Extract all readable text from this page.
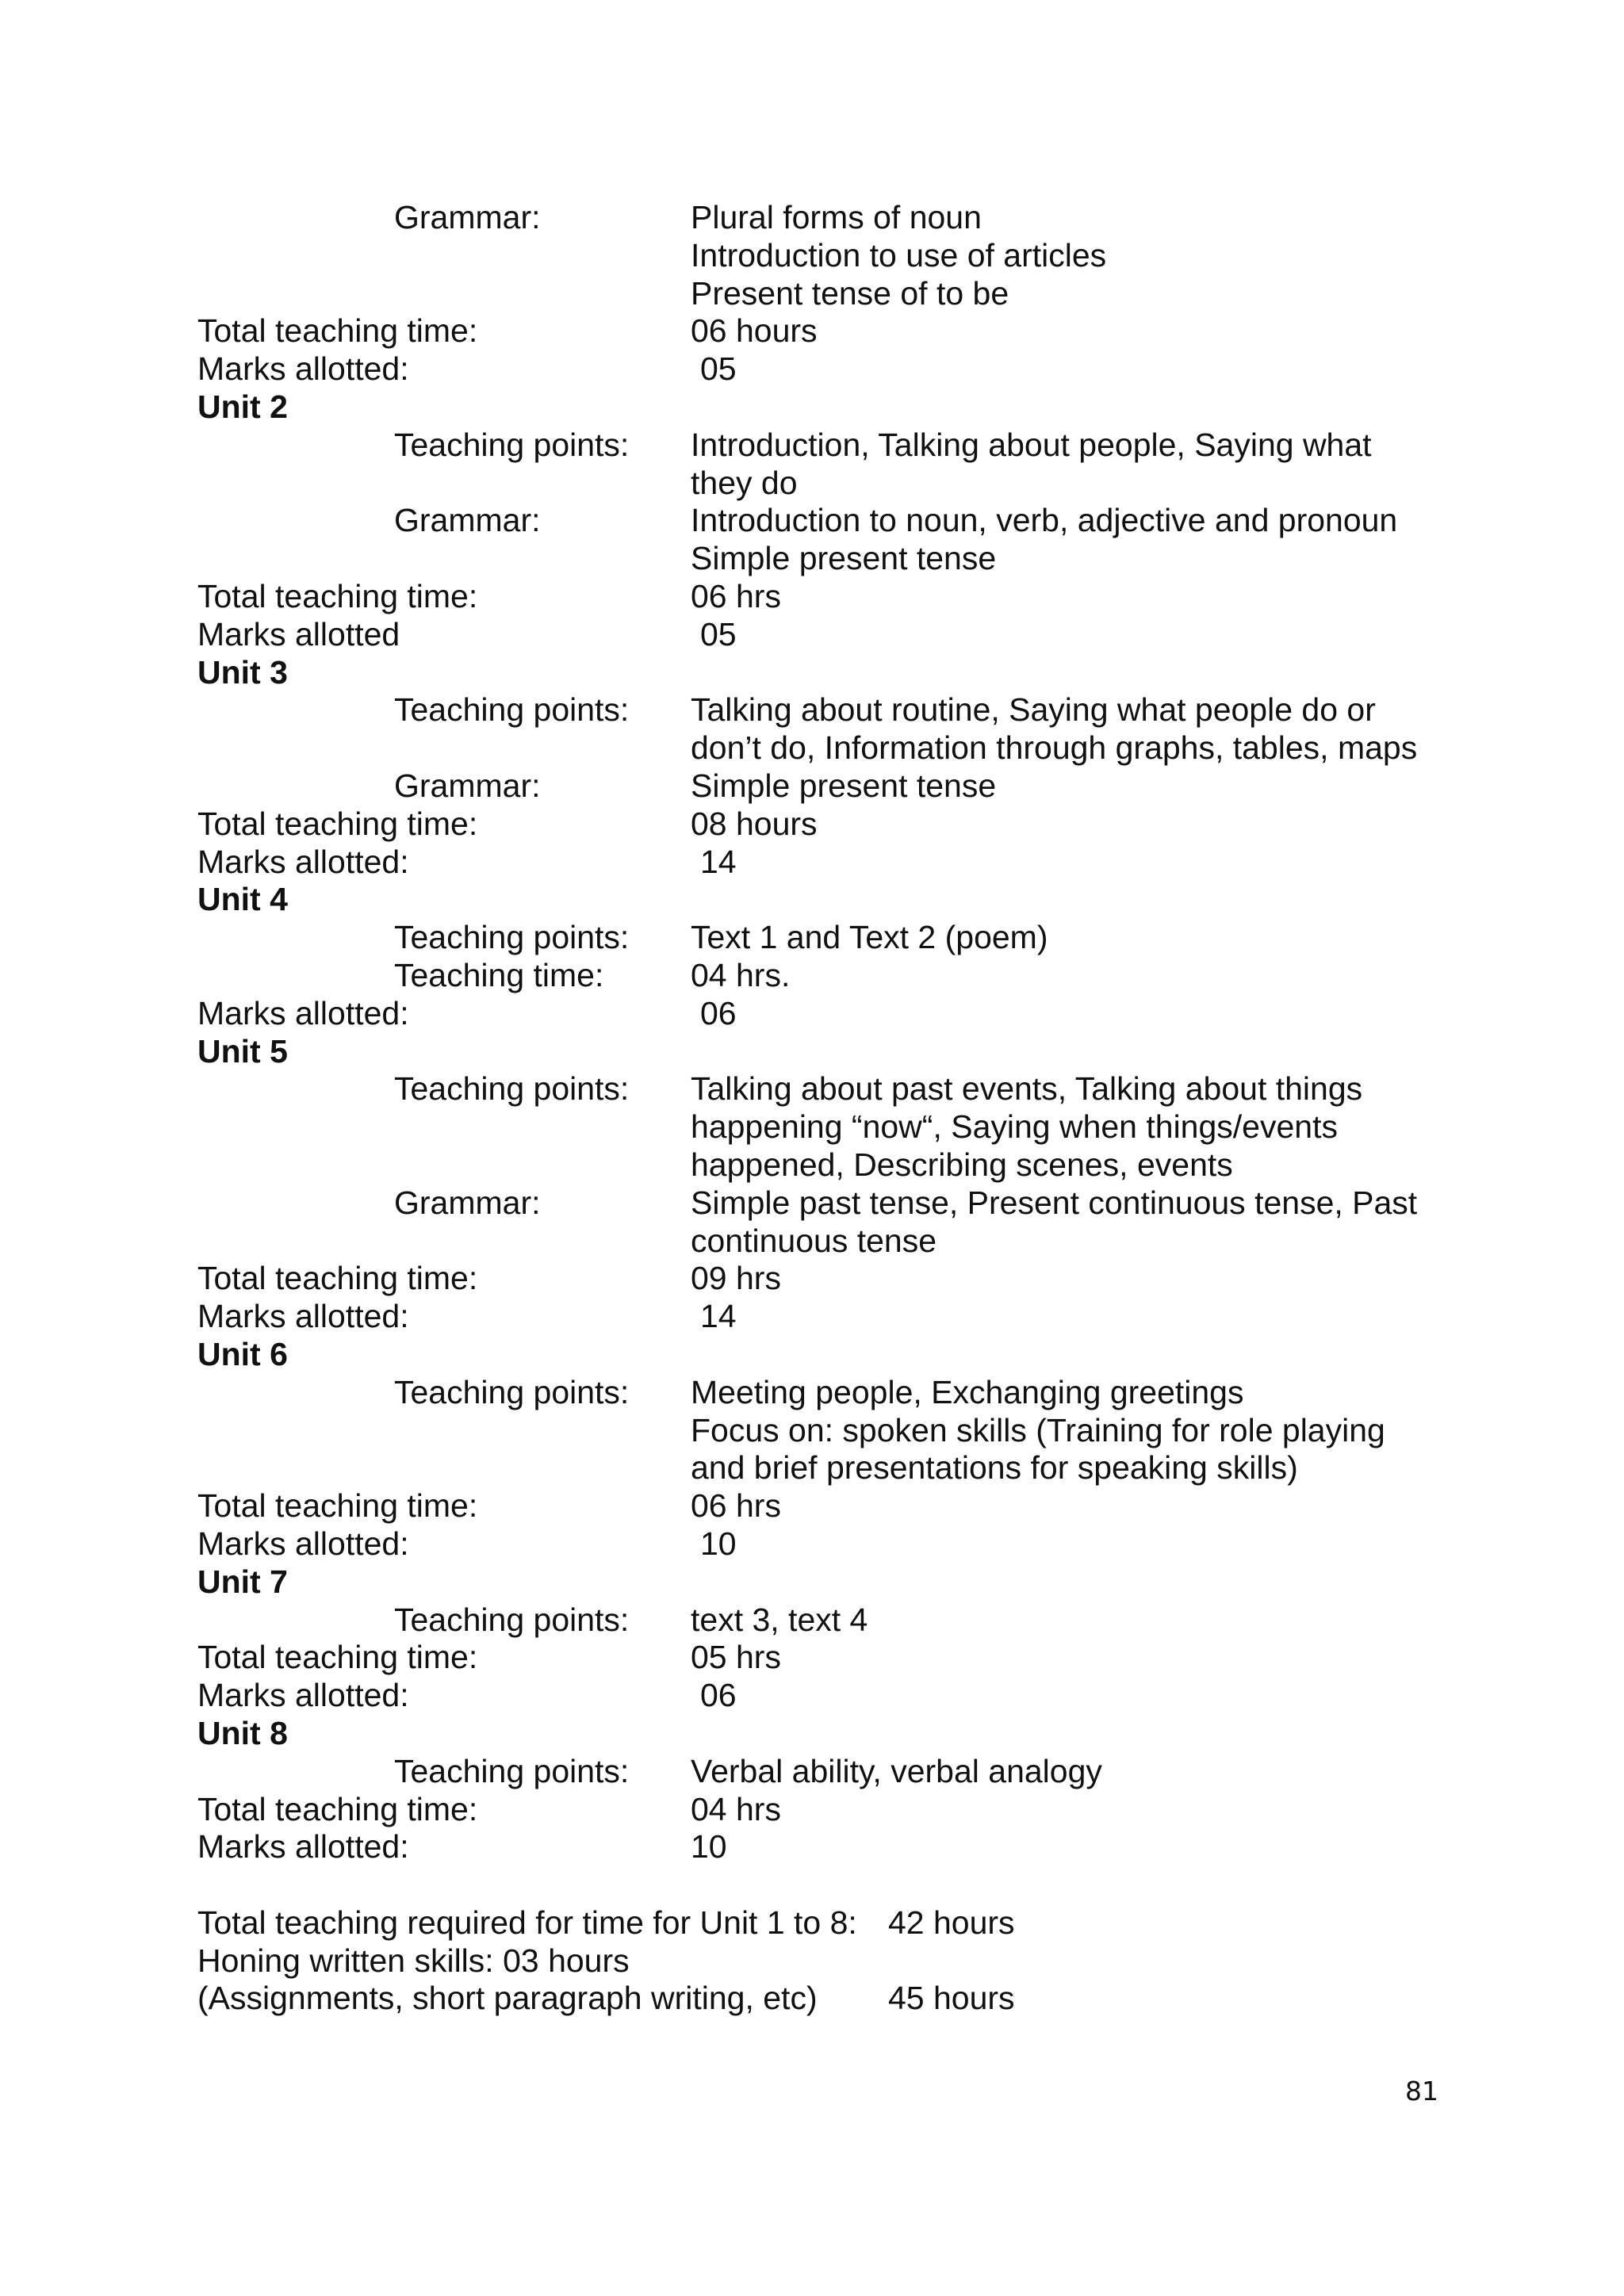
Grammar:	Plural forms of noun
Introduction to use of articles
Present tense of to be
Total teaching time:	06 hours
Marks allotted:	05
Unit 2
Teaching points: Introduction, Talking about people, Saying what
they do
Grammar:	Introduction to noun, verb, adjective and pronoun
Simple present tense
Total teaching time:	06 hrs
Marks allotted	05
Unit 3
Teaching points: Talking about routine, Saying what people do or
don’t do, Information through graphs, tables, maps
Grammar:	Simple present tense
Total teaching time:	08 hours
Marks allotted:	14
Unit 4
Teaching points: Text 1 and Text 2 (poem)
Teaching time:	04 hrs.
Marks allotted:	06
Unit 5
Teaching points: Talking about past events, Talking about things
happening “now“, Saying when things/events
happened, Describing scenes, events
Grammar:	Simple past tense, Present continuous tense, Past
continuous tense
Total teaching time:	09 hrs
Marks allotted:	14
Unit 6
Teaching points: Meeting people, Exchanging greetings
Focus on: spoken skills (Training for role playing
and brief presentations for speaking skills)
Total teaching time:	06 hrs
Marks allotted:	10
Unit 7
Teaching points: text 3, text 4
Total teaching time:	05 hrs
Marks allotted:	06
Unit 8
Teaching points: Verbal ability, verbal analogy
Total teaching time:	04 hrs
Marks allotted:	10
Total teaching required for time for Unit 1 to 8: 42 hours
Honing written skills: 03 hours
(Assignments, short paragraph writing, etc) 45 hours
81
